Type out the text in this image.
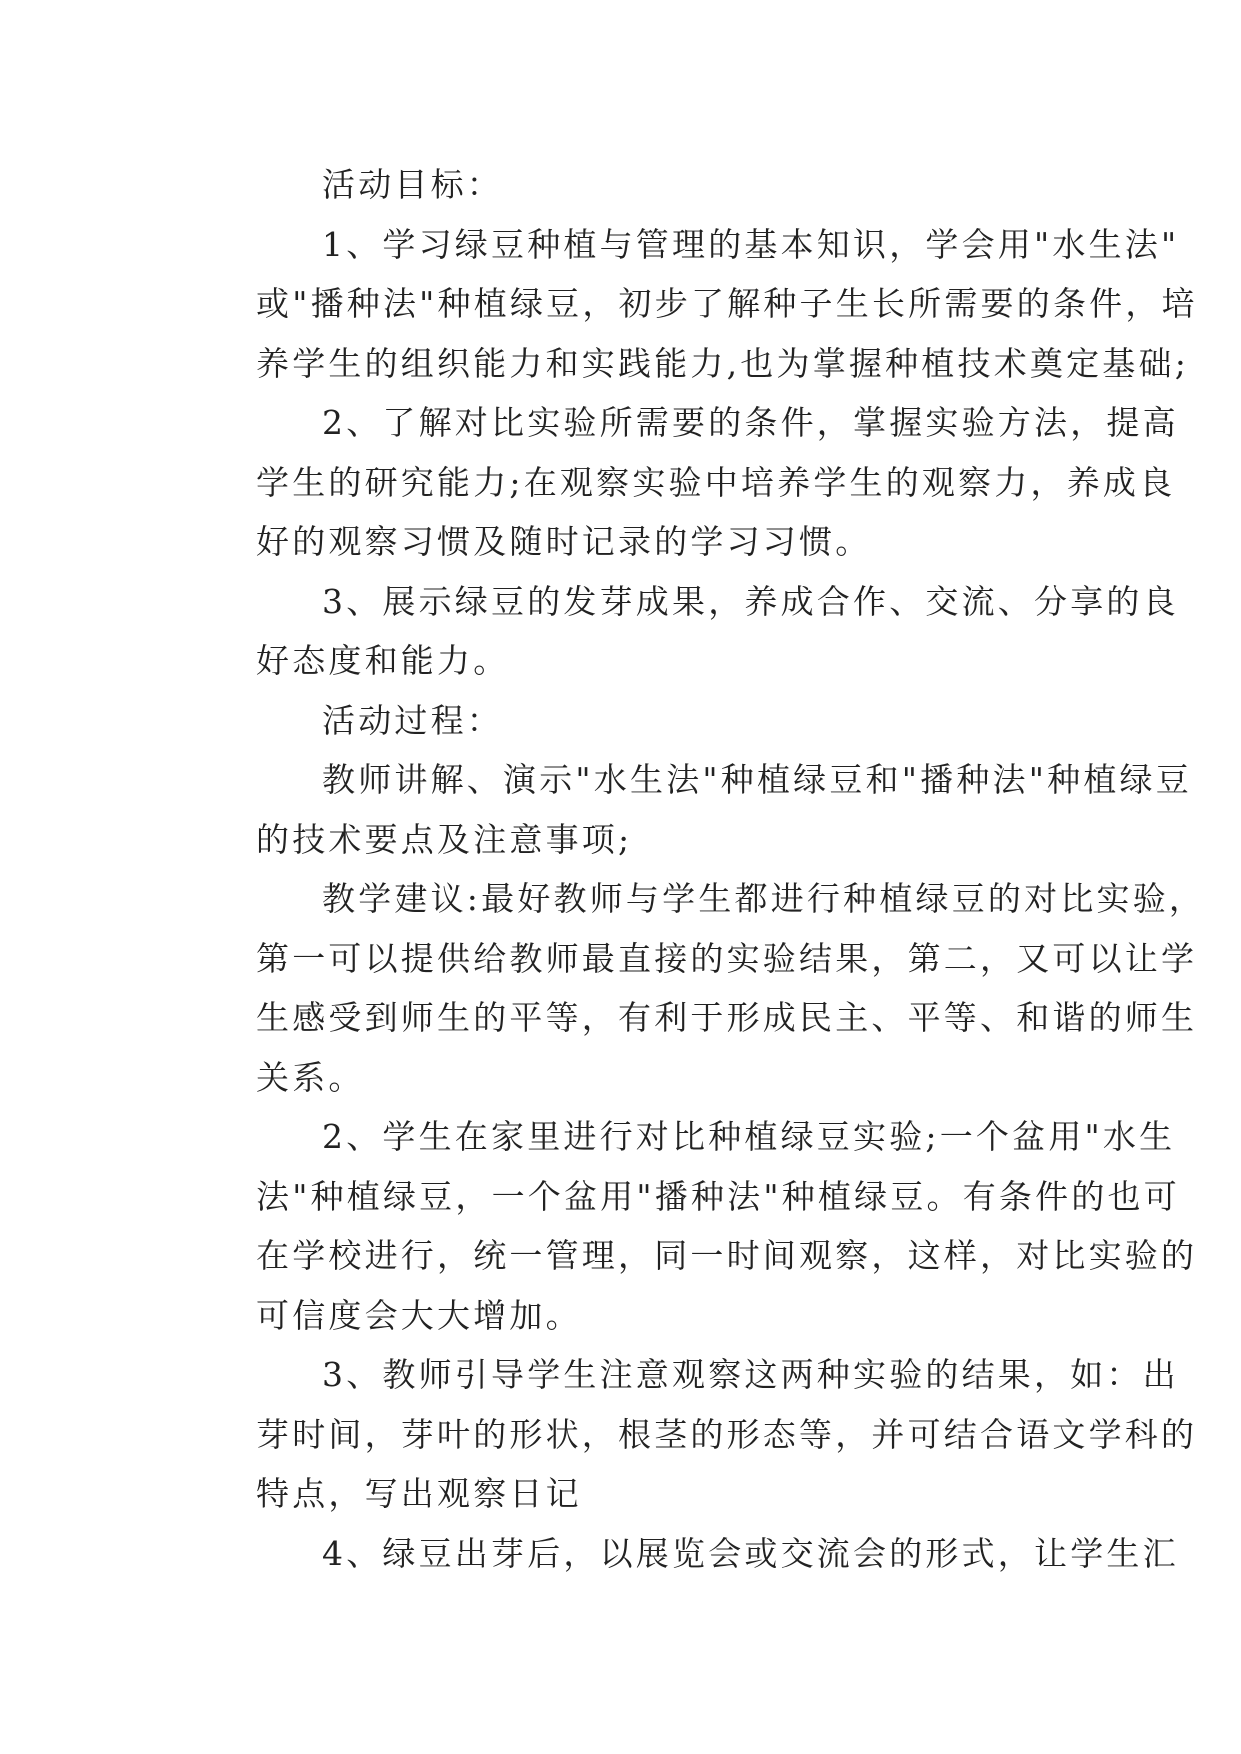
活动目标：
1、学习绿豆种植与管理的基本知识，学会用"水生法"
或"播种法"种植绿豆，初步了解种子生长所需要的条件，培
养学生的组织能力和实践能力,也为掌握种植技术奠定基础;
2、了解对比实验所需要的条件，掌握实验方法，提高
学生的研究能力;在观察实验中培养学生的观察力，养成良
好的观察习惯及随时记录的学习习惯。
3、展示绿豆的发芽成果，养成合作、交流、分享的良
好态度和能力。
活动过程：
教师讲解、演示"水生法"种植绿豆和"播种法"种植绿豆
的技术要点及注意事项;
教学建议:最好教师与学生都进行种植绿豆的对比实验，
第一可以提供给教师最直接的实验结果，第二，又可以让学
生感受到师生的平等，有利于形成民主、平等、和谐的师生
关系。
2、学生在家里进行对比种植绿豆实验;一个盆用"水生
法"种植绿豆，一个盆用"播种法"种植绿豆。有条件的也可
在学校进行，统一管理，同一时间观察，这样，对比实验的
可信度会大大增加。
3、教师引导学生注意观察这两种实验的结果，如：出
芽时间，芽叶的形状，根茎的形态等，并可结合语文学科的
特点，写出观察日记
4、绿豆出芽后，以展览会或交流会的形式，让学生汇
